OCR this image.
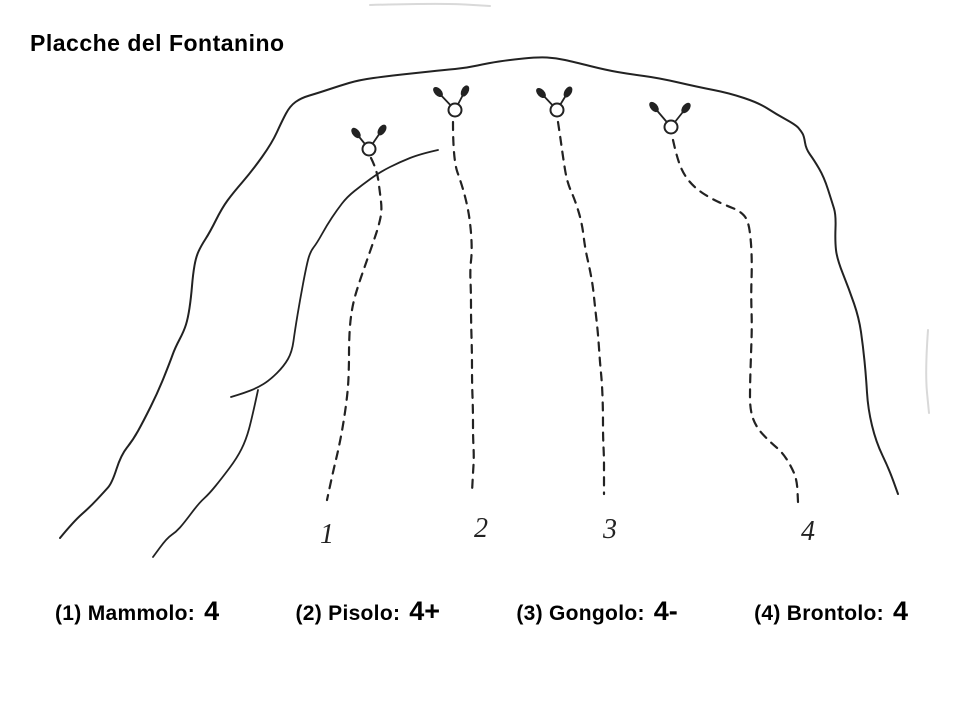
1	2	3	4
Placche del Fontanino
(1) Mammolo: 4	(2) Pisolo: 4+	(3) Gongolo: 4-	(4) Brontolo: 4
